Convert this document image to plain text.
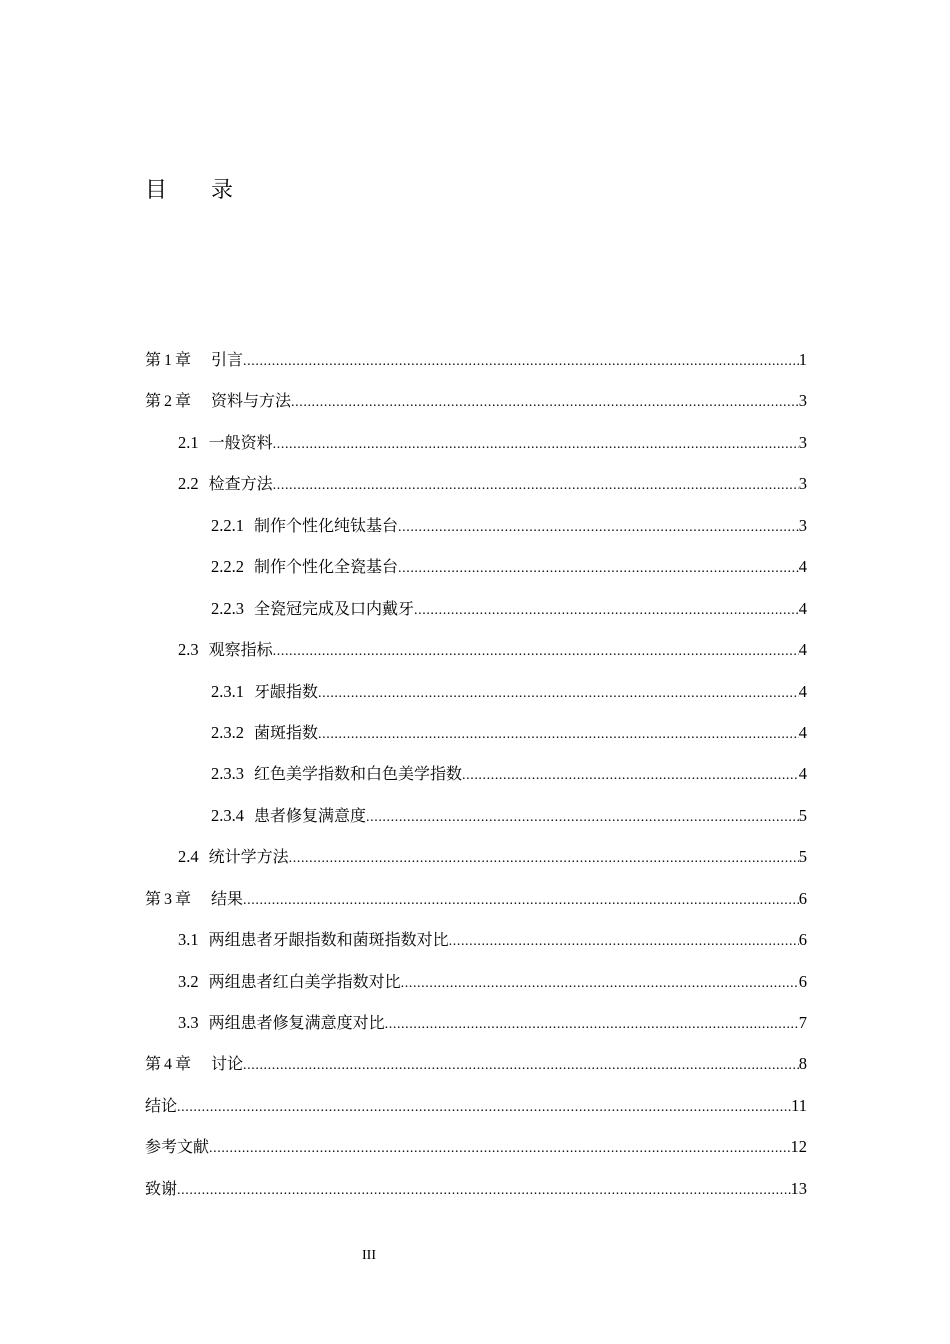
目 录
第 1 章 引言 .....	1
第 2 章 资料与方法 .....	3
2.1 一般资料 .....	3
2.2 检查方法 .....	3
2.2.1 制作个性化纯钛基台 .....	3
2.2.2 制作个性化全瓷基台 .....	4
2.2.3 全瓷冠完成及口内戴牙 .....	4
2.3 观察指标 .....	4
2.3.1 牙龈指数 .....	4
2.3.2 菌斑指数 .....	4
2.3.3 红色美学指数和白色美学指数 .....	4
2.3.4 患者修复满意度 .....	5
2.4 统计学方法 .....	5
第 3 章 结果 .....	6
3.1 两组患者牙龈指数和菌斑指数对比 .....	6
3.2 两组患者红白美学指数对比 .....	6
3.3 两组患者修复满意度对比 .....	7
第 4 章 讨论 .....	8
结论 .....	11
参考文献 .....	12
致谢 .....	13
III
